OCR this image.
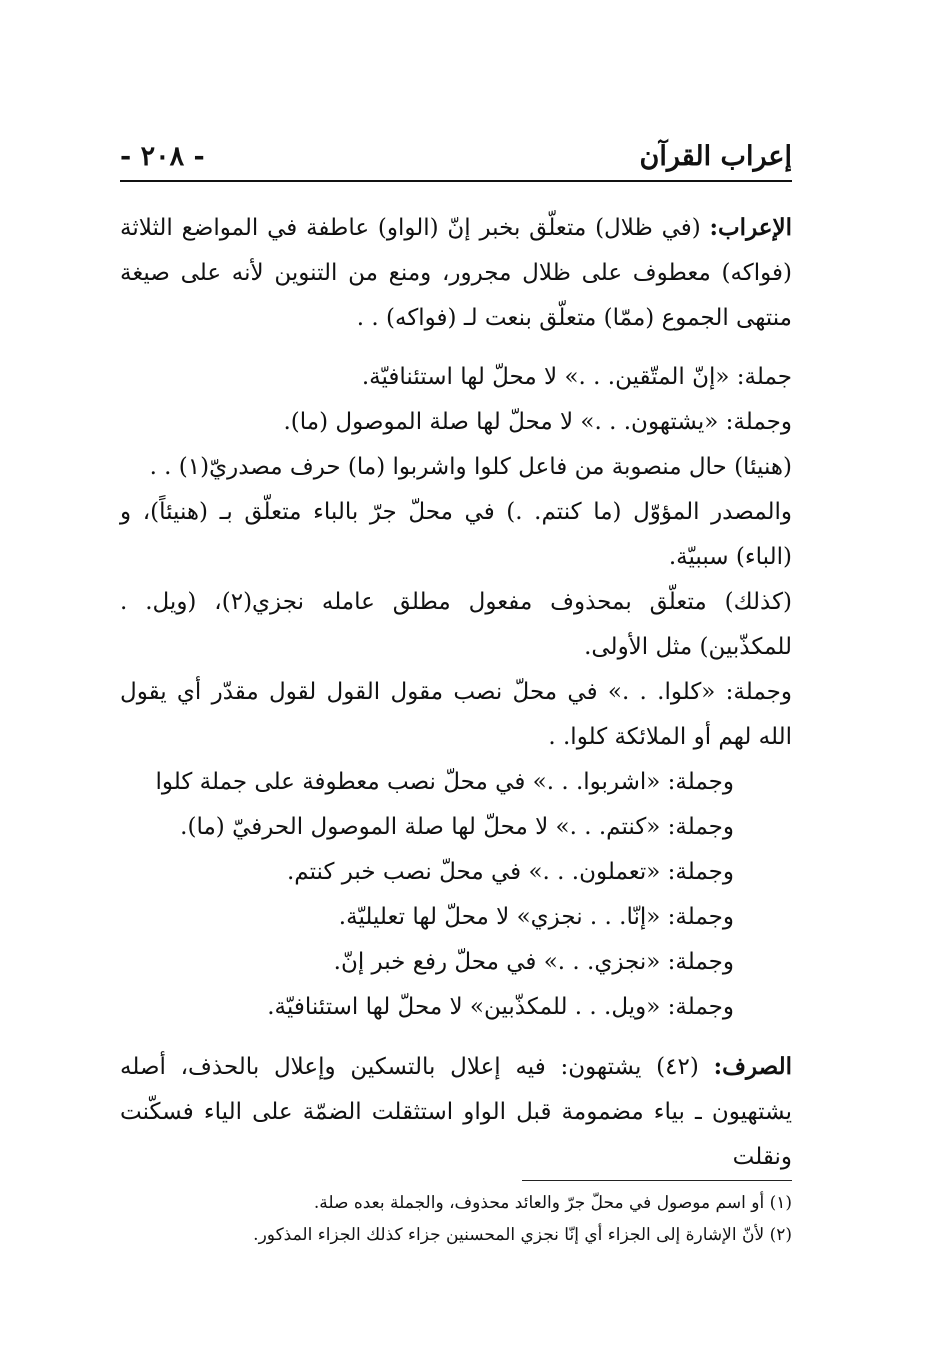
إعراب القرآن
- ٢٠٨ -

الإعراب: (في ظلال) متعلّق بخبر إنّ (الواو) عاطفة في المواضع الثلاثة (فواكه) معطوف على ظلال مجرور، ومنع من التنوين لأنه على صيغة منتهى الجموع (ممّا) متعلّق بنعت لـ (فواكه) . .

جملة: «إنّ المتّقين. . .» لا محلّ لها استئنافيّة.

وجملة: «يشتهون. . .» لا محلّ لها صلة الموصول (ما).

(هنيئا) حال منصوبة من فاعل كلوا واشربوا (ما) حرف مصدريّ(١) . .

والمصدر المؤوّل (ما كنتم. .) في محلّ جرّ بالباء متعلّق بـ (هنيئاً)، و (الباء) سببيّة.

(كذلك) متعلّق بمحذوف مفعول مطلق عامله نجزي(٢)، (ويل. . للمكذّبين) مثل الأولى.

وجملة: «كلوا. . .» في محلّ نصب مقول القول لقول مقدّر أي يقول الله لهم أو الملائكة كلوا. .

وجملة: «اشربوا. . .» في محلّ نصب معطوفة على جملة كلوا

وجملة: «كنتم. . .» لا محلّ لها صلة الموصول الحرفيّ (ما).

وجملة: «تعملون. . .» في محلّ نصب خبر كنتم.

وجملة: «إنّا. . . نجزي» لا محلّ لها تعليليّة.

وجملة: «نجزي. . .» في محلّ رفع خبر إنّ.

وجملة: «ويل. . . للمكذّبين» لا محلّ لها استئنافيّة.

الصرف: (٤٢) يشتهون: فيه إعلال بالتسكين وإعلال بالحذف، أصله يشتهيون ـ بياء مضمومة قبل الواو استثقلت الضمّة على الياء فسكّنت ونقلت

(١) أو اسم موصول في محلّ جرّ والعائد محذوف، والجملة بعده صلة.

(٢) لأنّ الإشارة إلى الجزاء أي إنّا نجزي المحسنين جزاء كذلك الجزاء المذكور.
